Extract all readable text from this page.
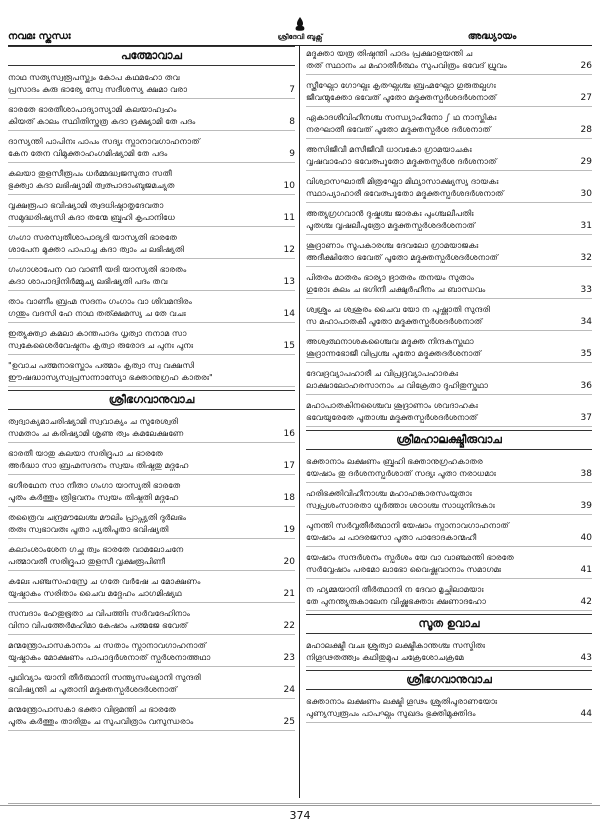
നവമഃ സ്കന്ധഃ	ശ്രീദേവി ബുക്സ്	അദ്ധ്യായം
പത്മോവാച
നാഥ സത്യസ്വരൂപസ്ത്വം കോപ കഥമഹോ തവ
പ്രസാദം കുരു ഭാര്യേ സ്വേ സദീശസ്യ ക്ഷമാ വരാ	7
ഭാരതേ ഭാരതീശാപാദ്യാസ്യാമി കലയാഹ്വഹം
കിയത് കാലം സ്ഥിതിസ്തത്ര കദാ ദ്രക്ഷ്യാമി തേ പദം	8
ദാസ്യന്തി പാപിനഃ പാപം സദ്യഃ സ്നാനാവഗാഹനാത്
കേന തേന വിമുക്താഹംഗമിഷ്യാമി തേ പദം	9
കലയാ തുളസീരൂപം ധർമ്മദ്ധ്വജസുതാ സതീ
ഭുക്ത്വാ കദാ ലഭിഷ്യാമി ത്വത്പാദാംബുജമച്യുത	10
വൃക്ഷരൂപാ ഭവിഷ്യാമി ത്വദധിഷ്ഠാതൃദേവതാ
സമുദ്ധരിഷ്യസി കദാ തന്മേ ബ്രൂഹി കൃപാനിധേ	11
ഗംഗാ സരസ്വതീശാപാദ്യദി യാസ്യതി ഭാരതേ
ശാപേന മുക്താ പാപാച്ച കദാ ത്വാം ച ലഭിഷ്യതി	12
ഗംഗാശാപേന വാ വാണീ യദി യാസ്യതി ഭാരതം
കദാ ശാപാദ്വിനിർമ്മുച്യ ലഭിഷ്യതി പദം തവ	13
താം വാണീം ബ്രഹ്മ സദനം ഗംഗാം വാ ശിവമന്ദിരം
ഗന്തും വദസി ഹേ നാഥ തത്ക്ഷമസ്യ ച തേ വചഃ	14
ഇത്യുക്ത്വാ കമലാ കാന്തപാദം ധൃത്വാ നനാമ സാ
സ്വകേശൈർവേഷ്ടനം കൃത്വാ രുരോദ ച പുനഃ പുനഃ	15
"ഉവാച പത്മനാഭസ്താം പത്മാം കൃത്വാ സ്വ വക്ഷസി
ഈഷദ്ധാസ്യസ്വപ്രസന്നാസ്യോ ഭക്താനുഗ്രഹ കാതരഃ"
ശ്രീഭഗവാനുവാച
ത്വദ്വാക്യമാചരിഷ്യാമി സ്വവാക്യം ച സുരേശ്വരി
സമതാം ച കരിഷ്യാമി ശൃണു ത്വം കമലേക്ഷണേ	16
ഭാരതീ യാതു കലയാ സരിദ്രൂപാ ച ഭാരതേ
അർദ്ധാ സാ ബ്രഹ്മസദനം സ്വയം തിഷ്ഠതു മദ്ഗൃഹേ	17
ഭഗീരഥേന സാ നീതാ ഗംഗാ യാസ്യതി ഭാരതേ
പൂതം കർത്തും ത്രിഭുവനം സ്വയം തിഷ്ഠതി മദ്ഗൃഹേ	18
തത്രൈവ ചന്ദ്രമൗലേശ്ച മൗലിം പ്രാപ്സ്യതി ദുർലഭം
തതഃ സ്വഭാവതഃ പൂതാ പ്യതിപൂതാ ഭവിഷ്യതി	19
കലാംശാംശേന ഗച്ഛ ത്വം ഭാരതേ വാമലോചനേ
പത്മാവതീ സരിദ്രൂപാ തുളസീ വൃക്ഷരൂപിണീ	20
കലേഃ പഞ്ചസഹസ്രേ ച ഗതേ വർഷേ ച മോക്ഷണം
യുഷ്മാകം സരിതാം ചൈവ മദ്ഗേഹം ചാഗമിഷ്യഥ	21
സമ്പദാം ഹേതുഭൂതാ ച വിപത്തിഃ സർവദേഹിനാം
വിനാ വിപത്തേർമഹിമാ കേഷാം പത്മജേ ഭവേത്	22
മന്മന്ത്രോപാസകാനാം ച സതാം സ്നാനാവഗാഹനാത്
യുഷ്മാകം മോക്ഷണം പാപാദ്ദർശനാത് സ്പർശനാത്തഥാ	23
പൃഥിവ്യാം യാനി തീർത്ഥാനി സന്ത്യസംഖ്യാനി സുന്ദരി
ഭവിഷ്യന്തി ച പൂതാനി മദ്ഭക്തസ്പർശദർശനാത്	24
മന്മന്ത്രോപാസകാ ഭക്താ വിഭ്രമന്തി ച ഭാരതേ
പൂതം കർത്തും താരിതും ച സുപവിത്രാം വസുന്ധരാം	25
മദ്ഭക്താ യത്ര തിഷ്ഠന്തി പാദം പ്രക്ഷാളയന്തി ച
തത് സ്ഥാനം ച മഹാതീർത്ഥം സുപവിത്രം ഭവേദ് ധ്രുവം	26
സ്ത്രീഘ്നോ ഗോഘ്നഃ കൃതഘ്നശ്ച ബ്രഹ്മഘ്നോ ഗുരുതല്പഗഃ
ജീവന്മുക്തോ ഭവേത് പൂതോ മദ്ഭക്തസ്പർശദർശനാത്	27
ഏകാദശീവിഹീനശ്ച സന്ധ്യാഹീനോ ഽ ഥ നാസ്തികഃ
നരഘാതീ ഭവേത് പൂതോ മദ്ഭക്തസ്പർശ ദർശനാത്	28
അസിജീവീ മസീജീവീ ധാവകോ ഗ്രാമയാചകഃ
വൃഷവാഹോ ഭവേത്പൂതോ മദ്ഭക്തസ്പർശ ദർശനാത്	29
വിശ്വാസഘാതീ മിത്രഘ്നോ മിഥ്യാസാക്ഷ്യസ്യ ദായകഃ
സ്ഥാപ്യാഹാരീ ഭവേത്പൂതോ മദ്ഭക്തസ്പർശദർശനാത്	30
അത്യുഗ്രഗവാൻ ദുഷ്കശ്ച ജാരകഃ പുംശ്ചലീപതിഃ
പൂതശ്ച വൃഷലീപുത്രോ മദ്ഭക്തസ്പർശദർശനാത്	31
ശൂദ്രാണാം സൂപകാരശ്ച ദേവലോ ഗ്രാമയാജകഃ
അദീക്ഷിതോ ഭവേത് പൂതോ മദ്ഭക്തസ്പർശദർശനാത്	32
പിതരം മാതരം ഭാര്യാ ഭ്രാതരം തനയം സുതാം
ഗുരോഃ കുലം ച ഭഗിനീ ചക്ഷുർഹീനം ച ബാന്ധവം	33
ശ്വശ്രൂം ച ശ്വശുരം ചൈവ യോ ന പുഷ്ണാതി സുന്ദരി
സ മഹാപാതകീ പൂതോ മദ്ഭക്തസ്പർശദർശനാത്	34
അശ്വത്ഥനാശകശ്ചൈവ മദ്ഭക്ത നിന്ദകസ്തഥാ
ശൂദ്രാന്നഭോജീ വിപ്രശ്ച പൂതോ മദ്ഭക്തദർശനാത്	35
ദേവദ്രവ്യാപഹാരീ ച വിപ്രദ്രവ്യാപഹാരകഃ
ലാക്ഷാലോഹരസാനാം ച വിക്രേതാ ദുഹിതുസ്തഥാ	36
മഹാപാതകിനശ്ചൈവ ശൂദ്രാണാം ശവദാഹകഃ
ഭവേയുരേതേ പൂതാശ്ച മദ്ഭക്തസ്പർശദർശനാത്	37
ശ്രീമഹാലക്ഷ്മീരുവാച
ഭക്താനാം ലക്ഷണം ബ്രൂഹി ഭക്താനുഗ്രഹകാതര
യേഷാം തു ദർശനസ്പർശാത് സദ്യഃ പൂതാ നരാധമാഃ	38
ഹരിഭക്തിവിഹീനാശ്ച മഹാഹങ്കാരസംയുതാഃ
സ്വപ്രശംസാരതാ ധൂർത്താഃ ശഠാശ്ച സാധുനിന്ദകാഃ	39
പുനന്തി സർവ്വതീർത്ഥാനി യേഷാം സ്നാനാവഗാഹനാത്
യേഷാം ച പാദരജസാ പൂതാ പാദോദകാന്മഹീ	40
യേഷാം സന്ദർശനം സ്പർശം യേ വാ വാഞ്ഛന്തി ഭാരതേ
സർവ്വേഷാം പരമോ ലാഭോ വൈഷ്ണവാനാം സമാഗമഃ	41
ന ഹ്യമ്മയാനി തീർത്ഥാനി ന ദേവാ മൃച്ഛിലാമയാഃ
തേ പുനന്ത്യുരുകാലേന വിഷ്ണുഭക്താഃ ക്ഷണാദഹോ	42
സൂത ഉവാച
മഹാലക്ഷ്മീ വചഃ ശ്രുത്വാ ലക്ഷ്മീകാന്തശ്ച സസ്മിതഃ
നിഗൂഢതത്ത്വം കഥിതുമുപ ചക്രേശോചക്രമേ	43
ശ്രീഭഗവാനുവാച
ഭക്താനാം ലക്ഷണം ലക്ഷ്മി ഗൂഢം ശ്രുതിപുരാണയോഃ
പുണ്യസ്വരൂപം പാപഘ്നം സുഖദം ഭുക്തിമുക്തിദം	44
374
